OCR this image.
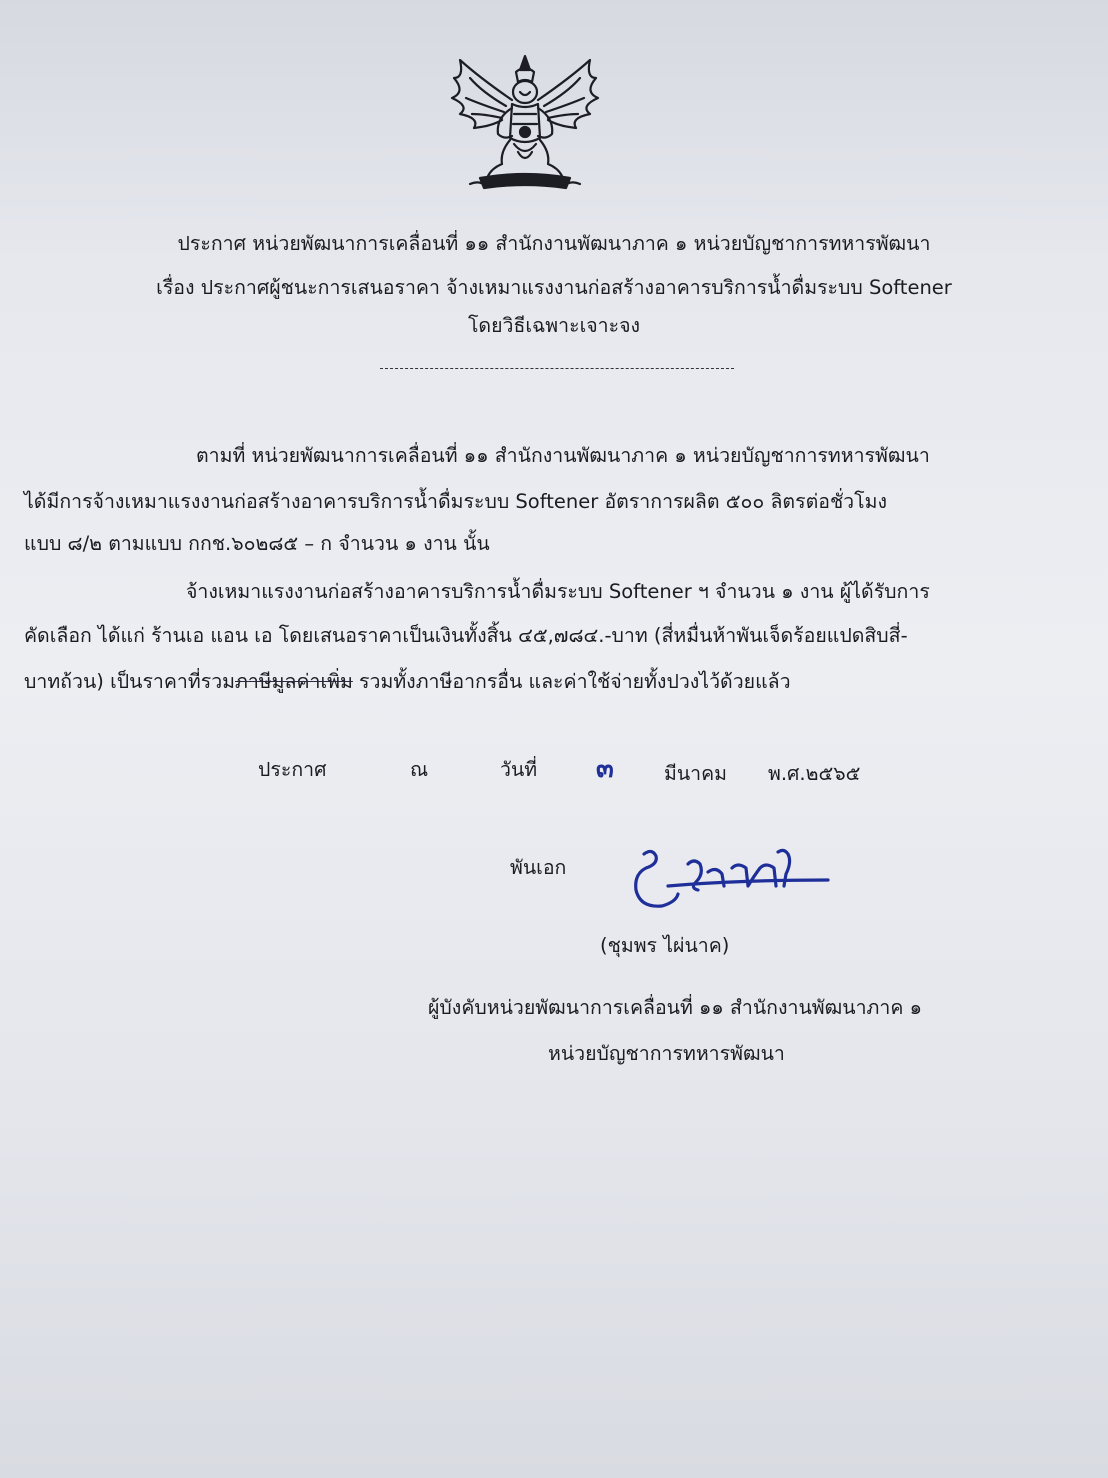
ประกาศ หน่วยพัฒนาการเคลื่อนที่ ๑๑ สำนักงานพัฒนาภาค ๑ หน่วยบัญชาการทหารพัฒนา
เรื่อง ประกาศผู้ชนะการเสนอราคา จ้างเหมาแรงงานก่อสร้างอาคารบริการน้ำดื่มระบบ Softener
โดยวิธีเฉพาะเจาะจง
ตามที่ หน่วยพัฒนาการเคลื่อนที่ ๑๑ สำนักงานพัฒนาภาค ๑ หน่วยบัญชาการทหารพัฒนา
ได้มีการจ้างเหมาแรงงานก่อสร้างอาคารบริการน้ำดื่มระบบ Softener อัตราการผลิต ๕๐๐ ลิตรต่อชั่วโมง
แบบ ๘/๒ ตามแบบ กกช.๖๐๒๘๕ – ก จำนวน ๑ งาน นั้น
จ้างเหมาแรงงานก่อสร้างอาคารบริการน้ำดื่มระบบ Softener ฯ จำนวน ๑ งาน ผู้ได้รับการ
คัดเลือก ได้แก่ ร้านเอ แอน เอ โดยเสนอราคาเป็นเงินทั้งสิ้น ๔๕,๗๘๔.-บาท (สี่หมื่นห้าพันเจ็ดร้อยแปดสิบสี่-
บาทถ้วน) เป็นราคาที่รวมภาษีมูลค่าเพิ่ม รวมทั้งภาษีอากรอื่น และค่าใช้จ่ายทั้งปวงไว้ด้วยแล้ว
ประกาศ	ณ	วันที่ ๓	มีนาคม พ.ศ.๒๕๖๕
พันเอก
(ชุมพร ไผ่นาค)
ผู้บังคับหน่วยพัฒนาการเคลื่อนที่ ๑๑ สำนักงานพัฒนาภาค ๑
หน่วยบัญชาการทหารพัฒนา
